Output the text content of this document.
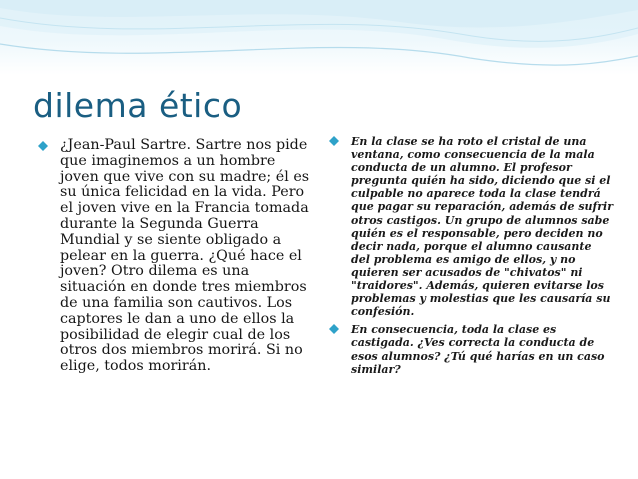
dilema ético
¿Jean-Paul Sartre. Sartre nos pide que imaginemos a un hombre joven que vive con su madre; él es su única felicidad en la vida. Pero el joven vive en la Francia tomada durante la Segunda Guerra Mundial y se siente obligado a pelear en la guerra. ¿Qué hace el joven? Otro dilema es una situación en donde tres miembros de una familia son cautivos. Los captores le dan a uno de ellos la posibilidad de elegir cual de los otros dos miembros morirá. Si no elige, todos morirán.
En la clase se ha roto el cristal de una ventana, como consecuencia de la mala conducta de un alumno. El profesor pregunta quién ha sido, diciendo que si el culpable no aparece toda la clase tendrá que pagar su reparación, además de sufrir otros castigos. Un grupo de alumnos sabe quién es el responsable, pero deciden no decir nada, porque el alumno causante del problema es amigo de ellos, y no quieren ser acusados de "chivatos" ni "traidores". Además, quieren evitarse los problemas y molestias que les causaría su confesión.
En consecuencia, toda la clase es castigada. ¿Ves correcta la conducta de esos alumnos? ¿Tú qué harías en un caso similar?
